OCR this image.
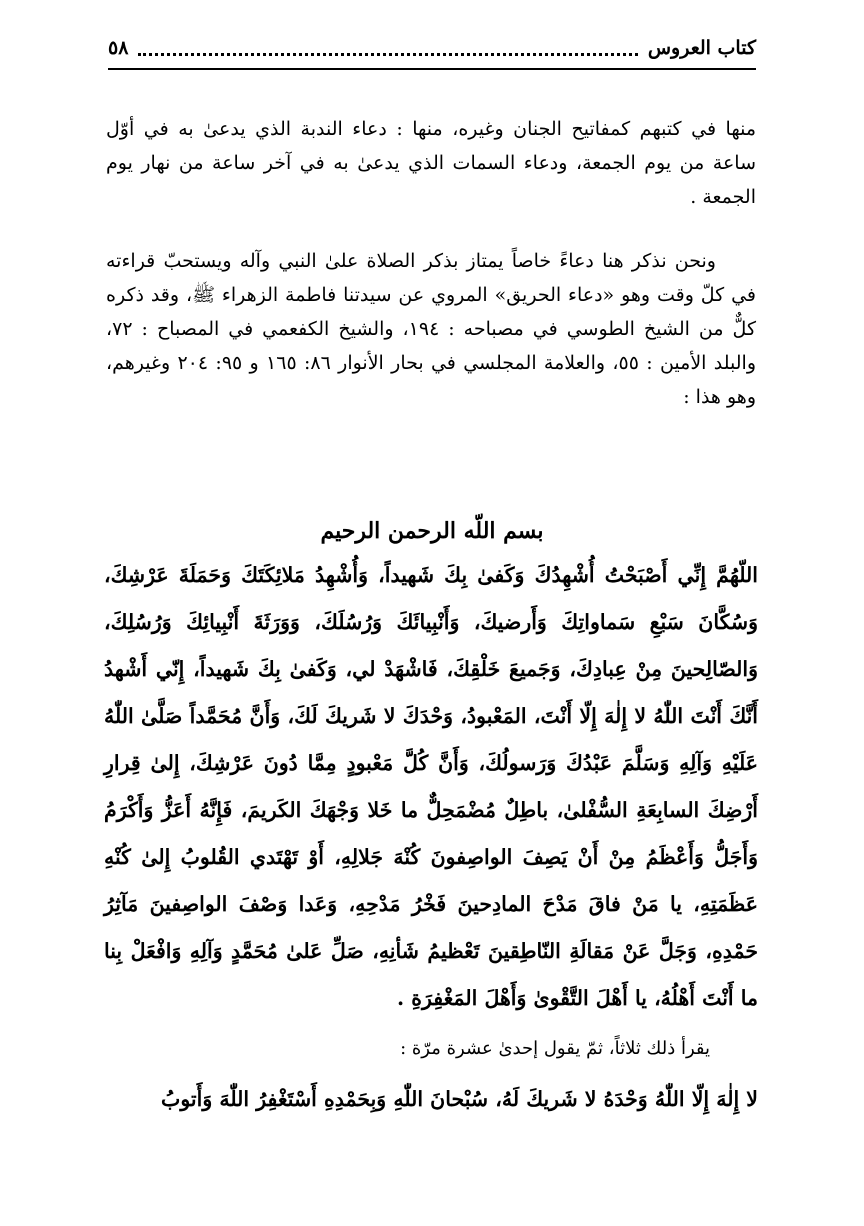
كتاب العروس
٥٨

منها في كتبهم كمفاتيح الجنان وغيره، منها : دعاء الندبة الذي يدعىٰ به في أوّل ساعة من يوم الجمعة، ودعاء السمات الذي يدعىٰ به في آخر ساعة من نهار يوم الجمعة .

ونحن نذكر هنا دعاءً خاصاً يمتاز بذكر الصلاة علىٰ النبي وآله ويستحبّ قراءته في كلّ وقت وهو «دعاء الحريق» المروي عن سيدتنا فاطمة الزهراء ﷺ، وقد ذكره كلٌّ من الشيخ الطوسي في مصباحه : ١٩٤، والشيخ الكفعمي في المصباح : ٧٢، والبلد الأمين : ٥٥، والعلامة المجلسي في بحار الأنوار ٨٦: ١٦٥ و ٩٥: ٢٠٤ وغيرهم، وهو هذا :

بسم اللّه الرحمن الرحيم

اللّهُمَّ إِنِّي أَصْبَحْتُ أُشْهِدُكَ وَكَفىٰ بِكَ شَهيداً، وَأُشْهِدُ مَلائِكَتَكَ وَحَمَلَةَ عَرْشِكَ، وَسُكَّانَ سَبْعِ سَماواتِكَ وَأَرضيكَ، وَأَنْبِيائَكَ وَرُسُلَكَ، وَوَرَثَةَ أَنْبِيائِكَ وَرُسُلِكَ، وَالصّالِحينَ مِنْ عِبادِكَ، وَجَميعَ خَلْقِكَ، فَاشْهَدْ لي، وَكَفىٰ بِكَ شَهيداً، إِنّي أَشْهدُ أَنَّكَ أَنْتَ اللّٰهُ لا إِلٰهَ إِلّا أَنْتَ، المَعْبودُ، وَحْدَكَ لا شَريكَ لَكَ، وَأَنَّ مُحَمَّداً صَلَّىٰ اللّٰهُ عَلَيْهِ وَآلِهِ وَسَلَّمَ عَبْدُكَ وَرَسولُكَ، وَأَنَّ كُلَّ مَعْبودٍ مِمَّا دُونَ عَرْشِكَ، إِلىٰ قِرارِ أَرْضِكَ السابِعَةِ السُّفْلىٰ، باطِلٌ مُضْمَحِلٌّ ما خَلا وَجْهَكَ الكَريمَ، فَإِنَّهُ أَعَزُّ وَأَكْرَمُ وَأَجَلُّ وَأَعْظَمُ مِنْ أَنْ يَصِفَ الواصِفونَ كُنْهَ جَلالِهِ، أَوْ تَهْتَدي القُلوبُ إِلىٰ كُنْهِ عَظَمَتِهِ، يا مَنْ فاقَ مَدْحَ المادِحينَ فَخْرُ مَدْحِهِ، وَعَدا وَصْفَ الواصِفينَ مَآثِرُ حَمْدِهِ، وَجَلَّ عَنْ مَقالَةِ النّاطِقينَ تَعْظيمُ شَأنِهِ، صَلِّ عَلىٰ مُحَمَّدٍ وَآلِهِ وَافْعَلْ بِنا ما أَنْتَ أَهْلُهُ، يا أَهْلَ التَّقْوىٰ وَأَهْلَ المَغْفِرَةِ .

يقرأ ذلك ثلاثاً، ثمّ يقول إحدىٰ عشرة مرّة :
لا إِلٰهَ إِلّا اللّٰهُ وَحْدَهُ لا شَريكَ لَهُ، سُبْحانَ اللّٰهِ وَبِحَمْدِهِ أَسْتَغْفِرُ اللّٰهَ وَأَتوبُ
